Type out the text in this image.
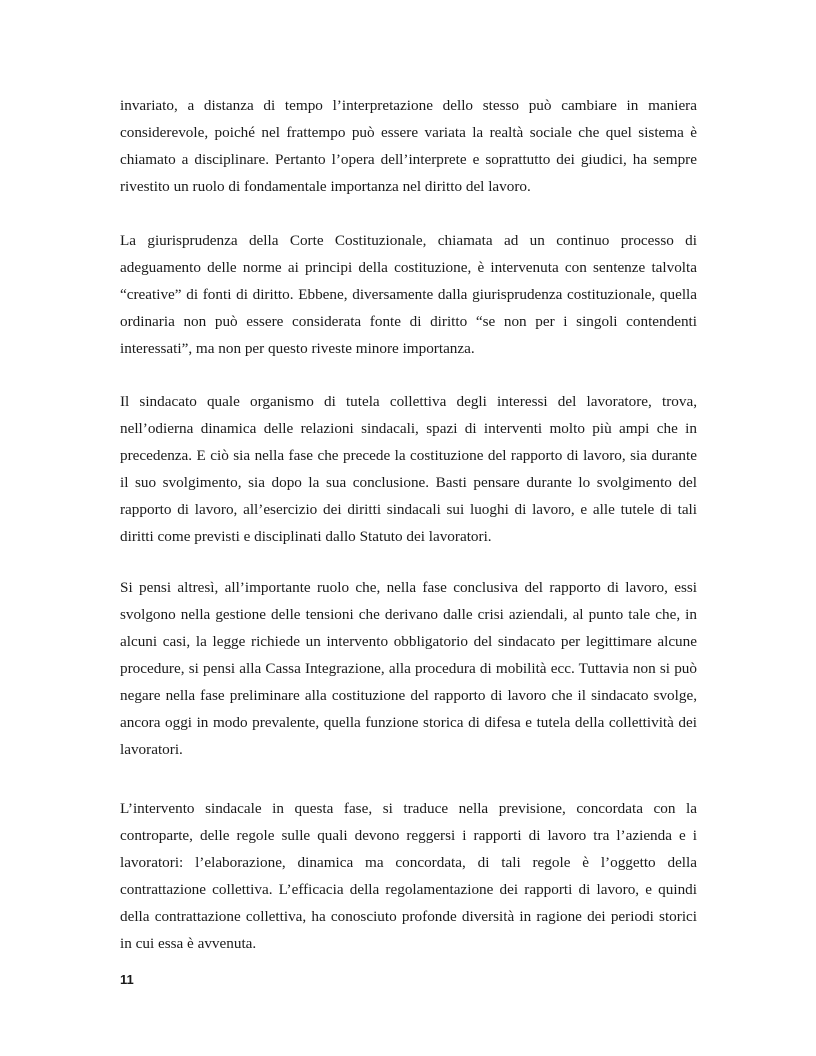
invariato, a distanza di tempo l’interpretazione dello stesso può cambiare in maniera considerevole, poiché nel frattempo può essere variata la realtà sociale che quel sistema è chiamato a disciplinare. Pertanto l’opera dell’interprete e soprattutto dei giudici, ha sempre rivestito un ruolo di fondamentale importanza nel diritto del lavoro.

La giurisprudenza della Corte Costituzionale, chiamata ad un continuo processo di adeguamento delle norme ai principi della costituzione, è intervenuta con sentenze talvolta “creative” di fonti di diritto. Ebbene, diversamente dalla giurisprudenza costituzionale, quella ordinaria non può essere considerata fonte di diritto “se non per i singoli contendenti interessati”, ma non per questo riveste minore importanza.

Il sindacato quale organismo di tutela collettiva degli interessi del lavoratore, trova, nell’odierna dinamica delle relazioni sindacali, spazi di interventi molto più ampi che in precedenza. E ciò sia nella fase che precede la costituzione del rapporto di lavoro, sia durante il suo svolgimento, sia dopo la sua conclusione. Basti pensare durante lo svolgimento del rapporto di lavoro, all’esercizio dei diritti sindacali sui luoghi di lavoro, e alle tutele di tali diritti come previsti e disciplinati dallo Statuto dei lavoratori.

Si pensi altresì, all’importante ruolo che, nella fase conclusiva del rapporto di lavoro, essi svolgono nella gestione delle tensioni che derivano dalle crisi aziendali, al punto tale che, in alcuni casi, la legge richiede un intervento obbligatorio del sindacato per legittimare alcune procedure, si pensi alla Cassa Integrazione, alla procedura di mobilità ecc. Tuttavia non si può negare nella fase preliminare alla costituzione del rapporto di lavoro che il sindacato svolge, ancora oggi in modo prevalente, quella funzione storica di difesa e tutela della collettività dei lavoratori.

L’intervento sindacale in questa fase, si traduce nella previsione, concordata con la controparte, delle regole sulle quali devono reggersi i rapporti di lavoro tra l’azienda e i lavoratori: l’elaborazione, dinamica ma concordata, di tali regole è l’oggetto della contrattazione collettiva. L’efficacia della regolamentazione dei rapporti di lavoro, e quindi della contrattazione collettiva, ha conosciuto profonde diversità in ragione dei periodi storici in cui essa è avvenuta.

11
